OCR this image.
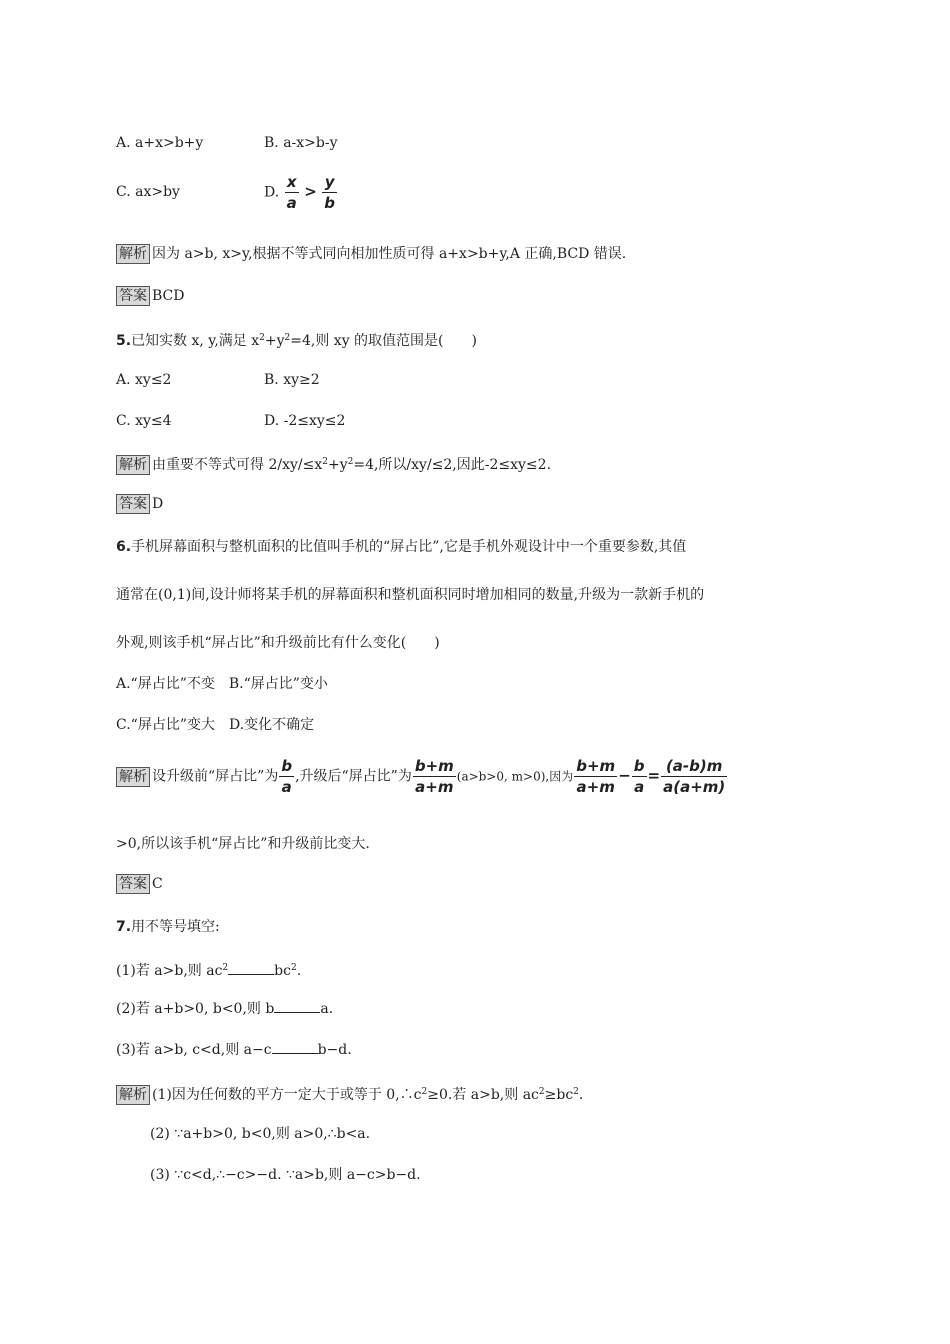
A. a+x>b+y	B. a-x>b-y
C. ax>by	D. $\frac{x}{a} > \frac{y}{b}$
解析 因为 a>b, x>y,根据不等式同向相加性质可得 a+x>b+y,A 正确,BCD 错误.
答案 BCD
5.已知实数 x, y,满足 $x^2+y^2=4$,则 xy 的取值范围是(　　)
A. xy≤2	B. xy≥2
C. xy≤4	D. -2≤xy≤2
解析 由重要不等式可得 $2/xy/\le x^2+y^2=4$,所以/xy/≤2,因此-2≤xy≤2.
答案 D
6.手机屏幕面积与整机面积的比值叫手机的“屏占比”,它是手机外观设计中一个重要参数,其值
通常在(0,1)间,设计师将某手机的屏幕面积和整机面积同时增加相同的数量,升级为一款新手机的
外观,则该手机“屏占比”和升级前比有什么变化(　　)
A.“屏占比”不变　B.“屏占比”变小
C.“屏占比”变大　D.变化不确定
解析 设升级前“屏占比”为 $\frac{b}{a}$ ,升级后“屏占比”为 $\frac{b+m}{a+m} (a>b>0$, m>0),因为 $\frac{b+m}{a+m} - \frac{b}{a} = \frac{(a-b)m}{a(a+m)}$
>0,所以该手机“屏占比”和升级前比变大.
答案 C
7.用不等号填空:
(1)若 a>b,则 $ac^2$	$bc^2$.
(2)若 a+b>0, b<0,则 b	a.
(3)若 a>b, c<d,则 a−c	b−d.
解析 (1)因为任何数的平方一定大于或等于 $0,\therefore c^2\ge 0$.若 a>b,则 $ac^2\ge bc^2$.
(2) ∵a+b>0, b<0,则 a>0,∴b<a.
(3) ∵c<d,∴−c>−d. ∵a>b,则 a−c>b−d.
